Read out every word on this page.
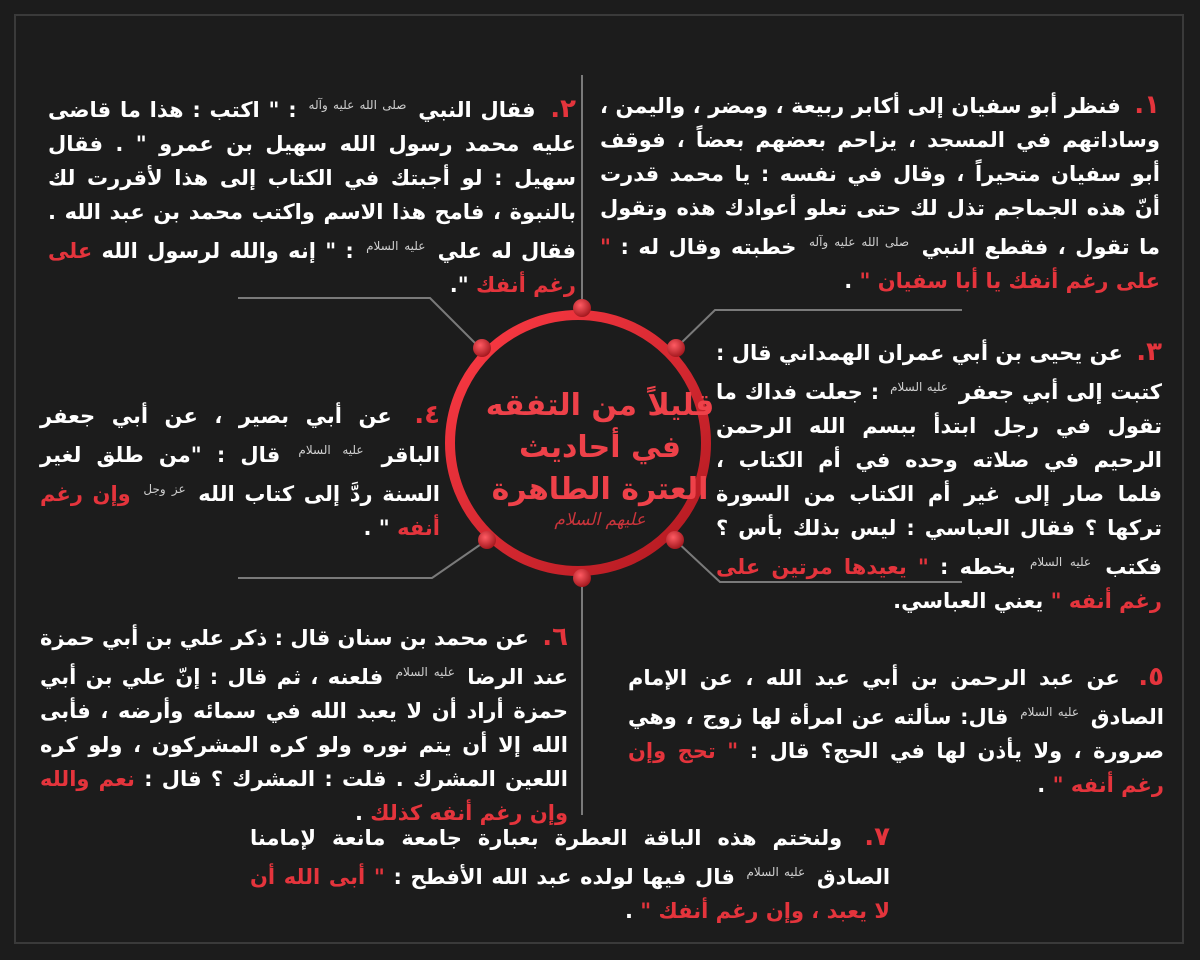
قليلاً من التفقه
في أحاديث
العترة الطاهرة
عليهم السلام
١. فنظر أبو سفيان إلى أكابر ربيعة ، ومضر ، واليمن ، وساداتهم في المسجد ، يزاحم بعضهم بعضاً ، فوقف أبو سفيان متحيراً ، وقال في نفسه : يا محمد قدرت أنّ هذه الجماجم تذل لك حتى تعلو أعوادك هذه وتقول ما تقول ، فقطع النبي $^{صلى الله عليه وآله}$ خطبته وقال له : " على رغم أنفك يا أبا سفيان " .
٢. فقال النبي $^{صلى الله عليه وآله}$ : " اكتب : هذا ما قاضى عليه محمد رسول الله سهيل بن عمرو " . فقال سهيل : لو أجبتك في الكتاب إلى هذا لأقررت لك بالنبوة ، فامح هذا الاسم واكتب محمد بن عبد الله . فقال له علي $^{عليه السلام}$ : " إنه والله لرسول الله على رغم أنفك ".
٣. عن يحيى بن أبي عمران الهمداني قال : كتبت إلى أبي جعفر $^{عليه السلام}$ : جعلت فداك ما تقول في رجل ابتدأ ببسم الله الرحمن الرحيم في صلاته وحده في أم الكتاب ، فلما صار إلى غير أم الكتاب من السورة تركها ؟ فقال العباسي : ليس بذلك بأس ؟ فكتب $^{عليه السلام}$ بخطه : " يعيدها مرتين على رغم أنفه " يعني العباسي.
٤. عن أبي بصير ، عن أبي جعفر الباقر $^{عليه السلام}$ قال : "من طلق لغير السنة ردَّ إلى كتاب الله $^{عز وجل}$ وإن رغم أنفه " .
٥. عن عبد الرحمن بن أبي عبد الله ، عن الإمام الصادق $^{عليه السلام}$ قال: سألته عن امرأة لها زوج ، وهي صرورة ، ولا يأذن لها في الحج؟ قال : " تحج وإن رغم أنفه " .
٦. عن محمد بن سنان قال : ذكر علي بن أبي حمزة عند الرضا $^{عليه السلام}$ فلعنه ، ثم قال : إنّ علي بن أبي حمزة أراد أن لا يعبد الله في سمائه وأرضه ، فأبى الله إلا أن يتم نوره ولو كره المشركون ، ولو كره اللعين المشرك . قلت : المشرك ؟ قال : نعم والله وإن رغم أنفه كذلك .
٧. ولنختم هذه الباقة العطرة بعبارة جامعة مانعة لإمامنا الصادق $^{عليه السلام}$ قال فيها لولده عبد الله الأفطح : " أبى الله أن لا يعبد ، وإن رغم أنفك " .
